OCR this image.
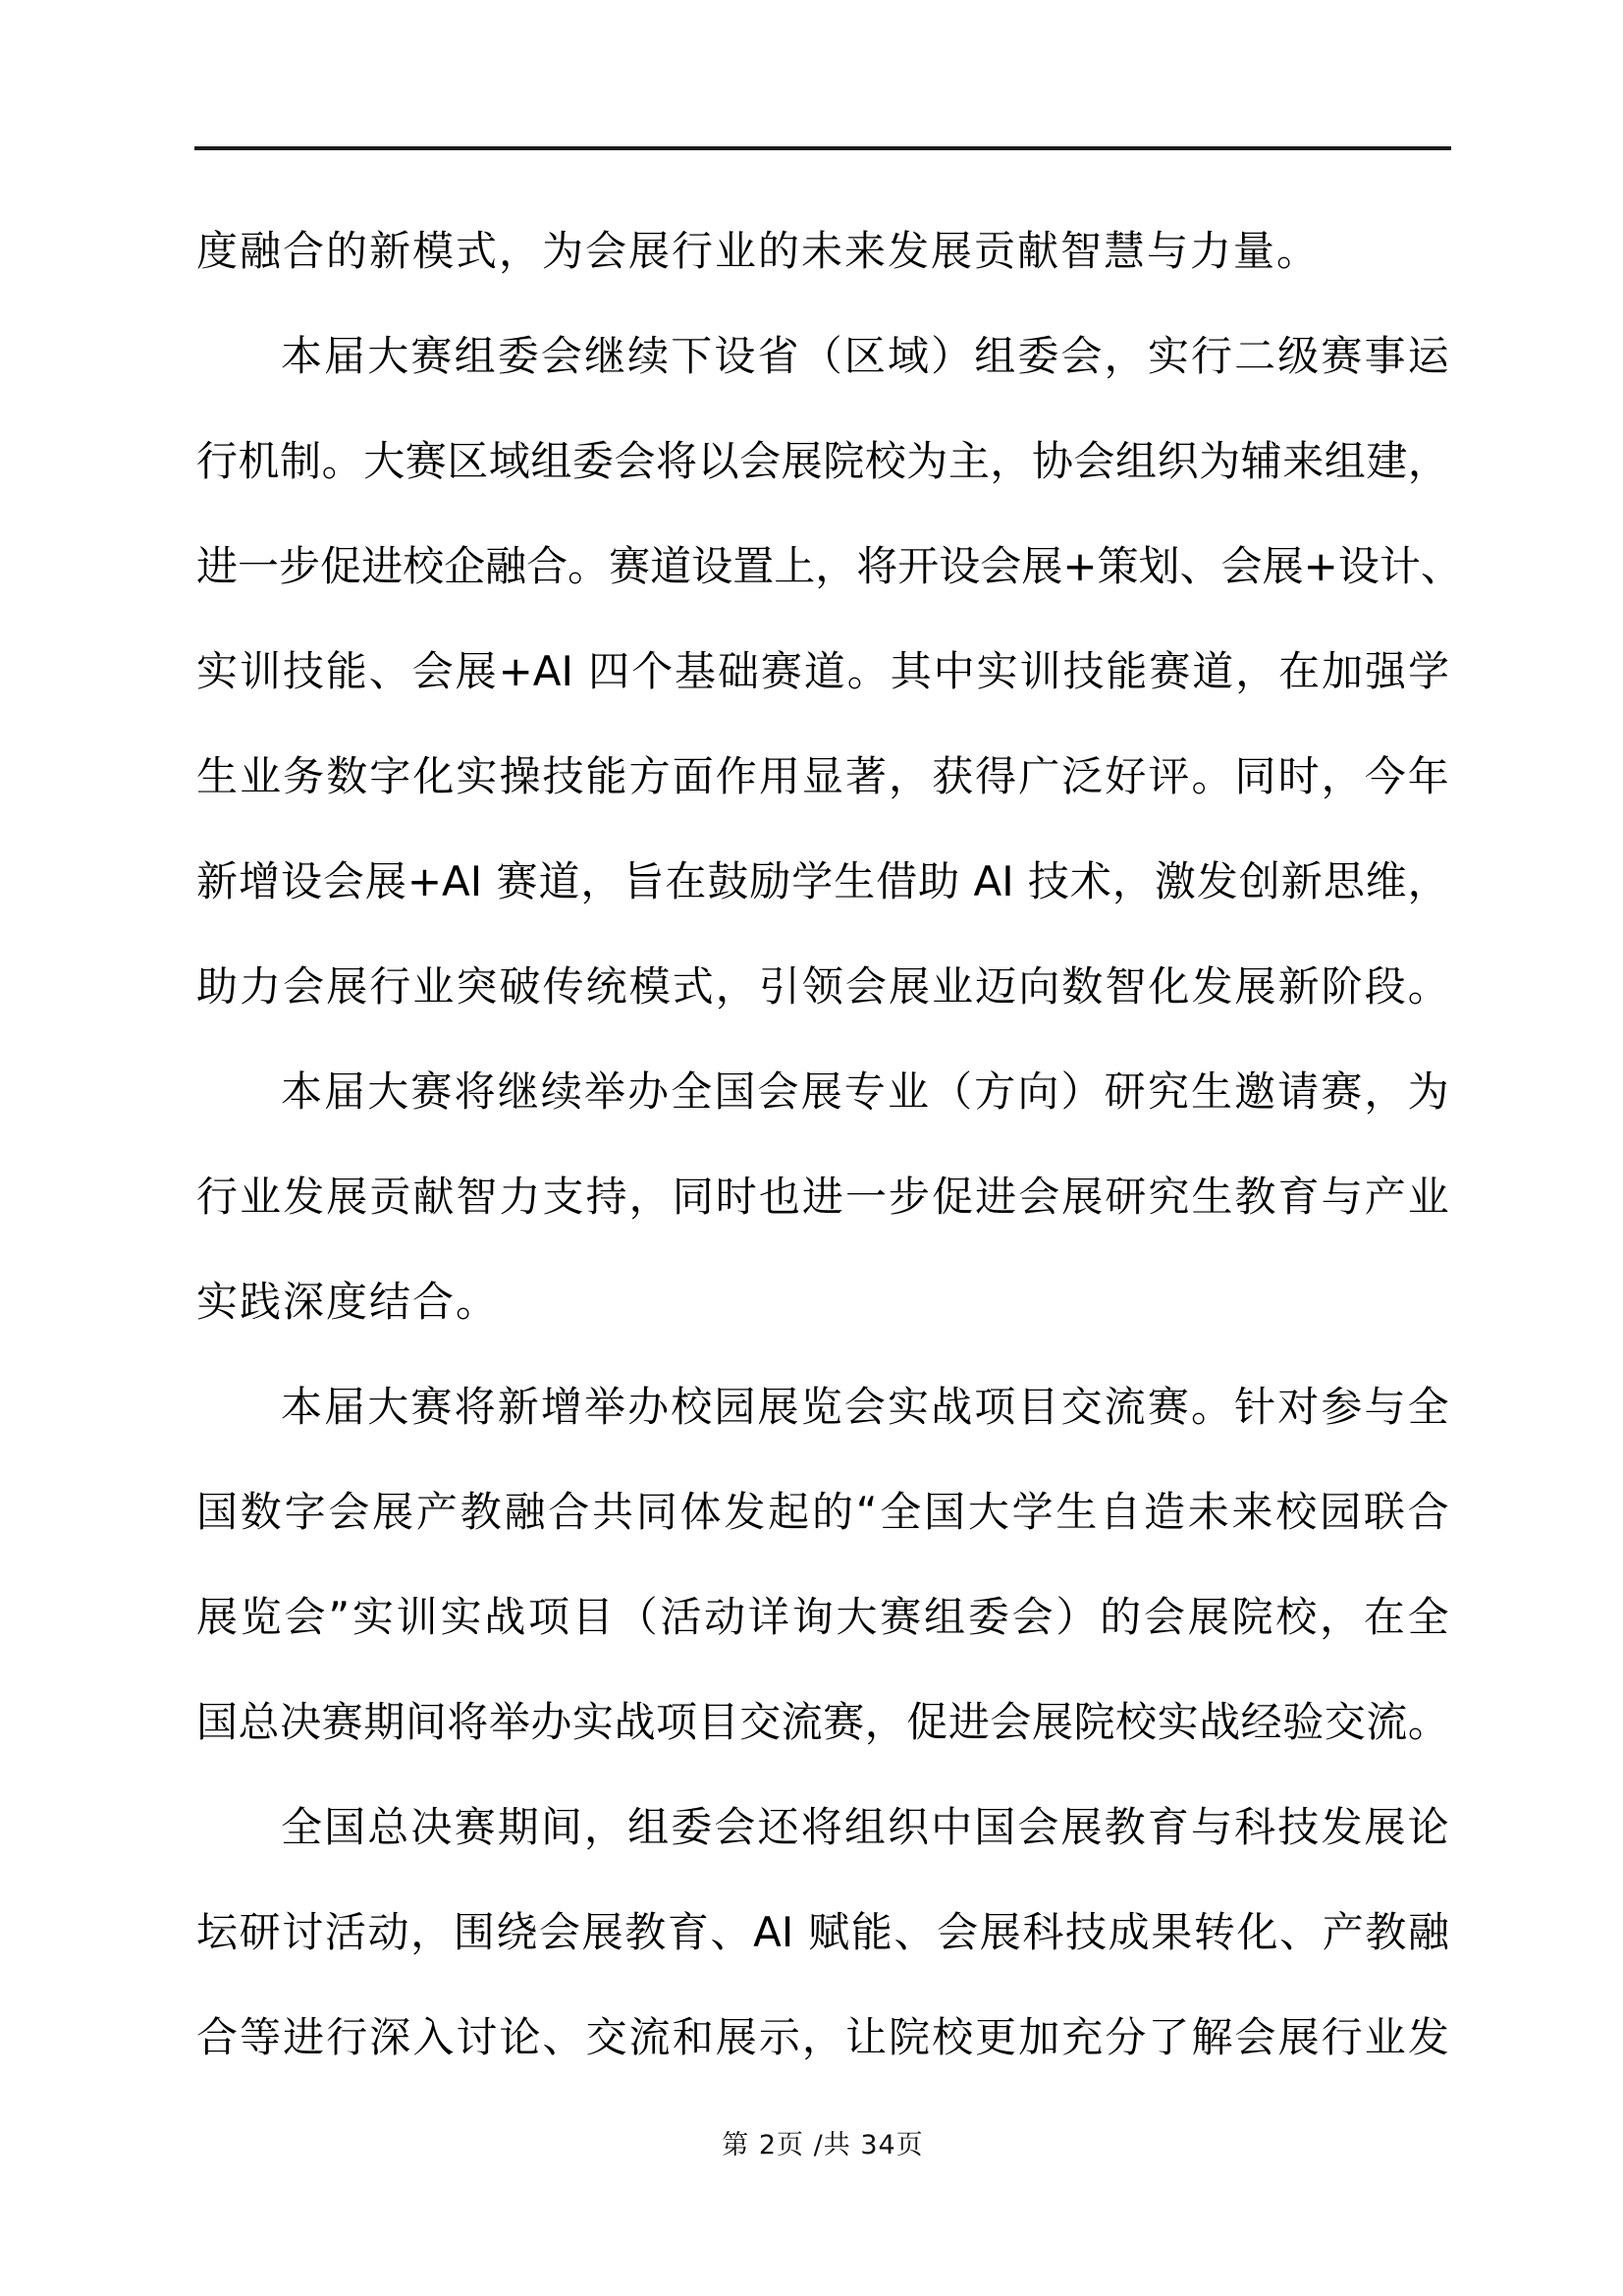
度融合的新模式，为会展行业的未来发展贡献智慧与力量。
本 届 大 赛 组 委 会 继 续 下 设 省 （ 区 域 ） 组 委 会 ， 实 行 二 级 赛 事 运
行 机 制 。 大 赛 区 域 组 委 会 将 以 会 展 院 校 为 主 ， 协 会 组 织 为 辅 来 组 建 ，
进 一 步 促 进 校 企 融 合 。 赛 道 设 置 上 ， 将 开 设 会 展 + 策 划 、 会 展 + 设 计 、
实 训 技 能 、 会 展 +AI 四 个 基 础 赛 道 。 其 中 实 训 技 能 赛 道 ， 在 加 强 学
生 业 务 数 字 化 实 操 技 能 方 面 作 用 显 著 ， 获 得 广 泛 好 评 。 同 时 ， 今 年
新 增 设 会 展 +AI 赛 道 ， 旨 在 鼓 励 学 生 借 助 AI 技 术 ， 激 发 创 新 思 维 ，
助 力 会 展 行 业 突 破 传 统 模 式 ， 引 领 会 展 业 迈 向 数 智 化 发 展 新 阶 段 。
本 届 大 赛 将 继 续 举 办 全 国 会 展 专 业 （ 方 向 ） 研 究 生 邀 请 赛 ， 为
行 业 发 展 贡 献 智 力 支 持 ， 同 时 也 进 一 步 促 进 会 展 研 究 生 教 育 与 产 业
实践深度结合。
本 届 大 赛 将 新 增 举 办 校 园 展 览 会 实 战 项 目 交 流 赛 。 针 对 参 与 全
国 数 字 会 展 产 教 融 合 共 同 体 发 起 的 “ 全 国 大 学 生 自 造 未 来 校 园 联 合
展 览 会 ” 实 训 实 战 项 目 （ 活 动 详 询 大 赛 组 委 会 ） 的 会 展 院 校 ， 在 全
国 总 决 赛 期 间 将 举 办 实 战 项 目 交 流 赛 ， 促 进 会 展 院 校 实 战 经 验 交 流 。
全 国 总 决 赛 期 间 ， 组 委 会 还 将 组 织 中 国 会 展 教 育 与 科 技 发 展 论
坛 研 讨 活 动 ， 围 绕 会 展 教 育 、 AI 赋 能 、 会 展 科 技 成 果 转 化 、 产 教 融
合 等 进 行 深 入 讨 论 、 交 流 和 展 示 ， 让 院 校 更 加 充 分 了 解 会 展 行 业 发
第 2页 /共 34页
